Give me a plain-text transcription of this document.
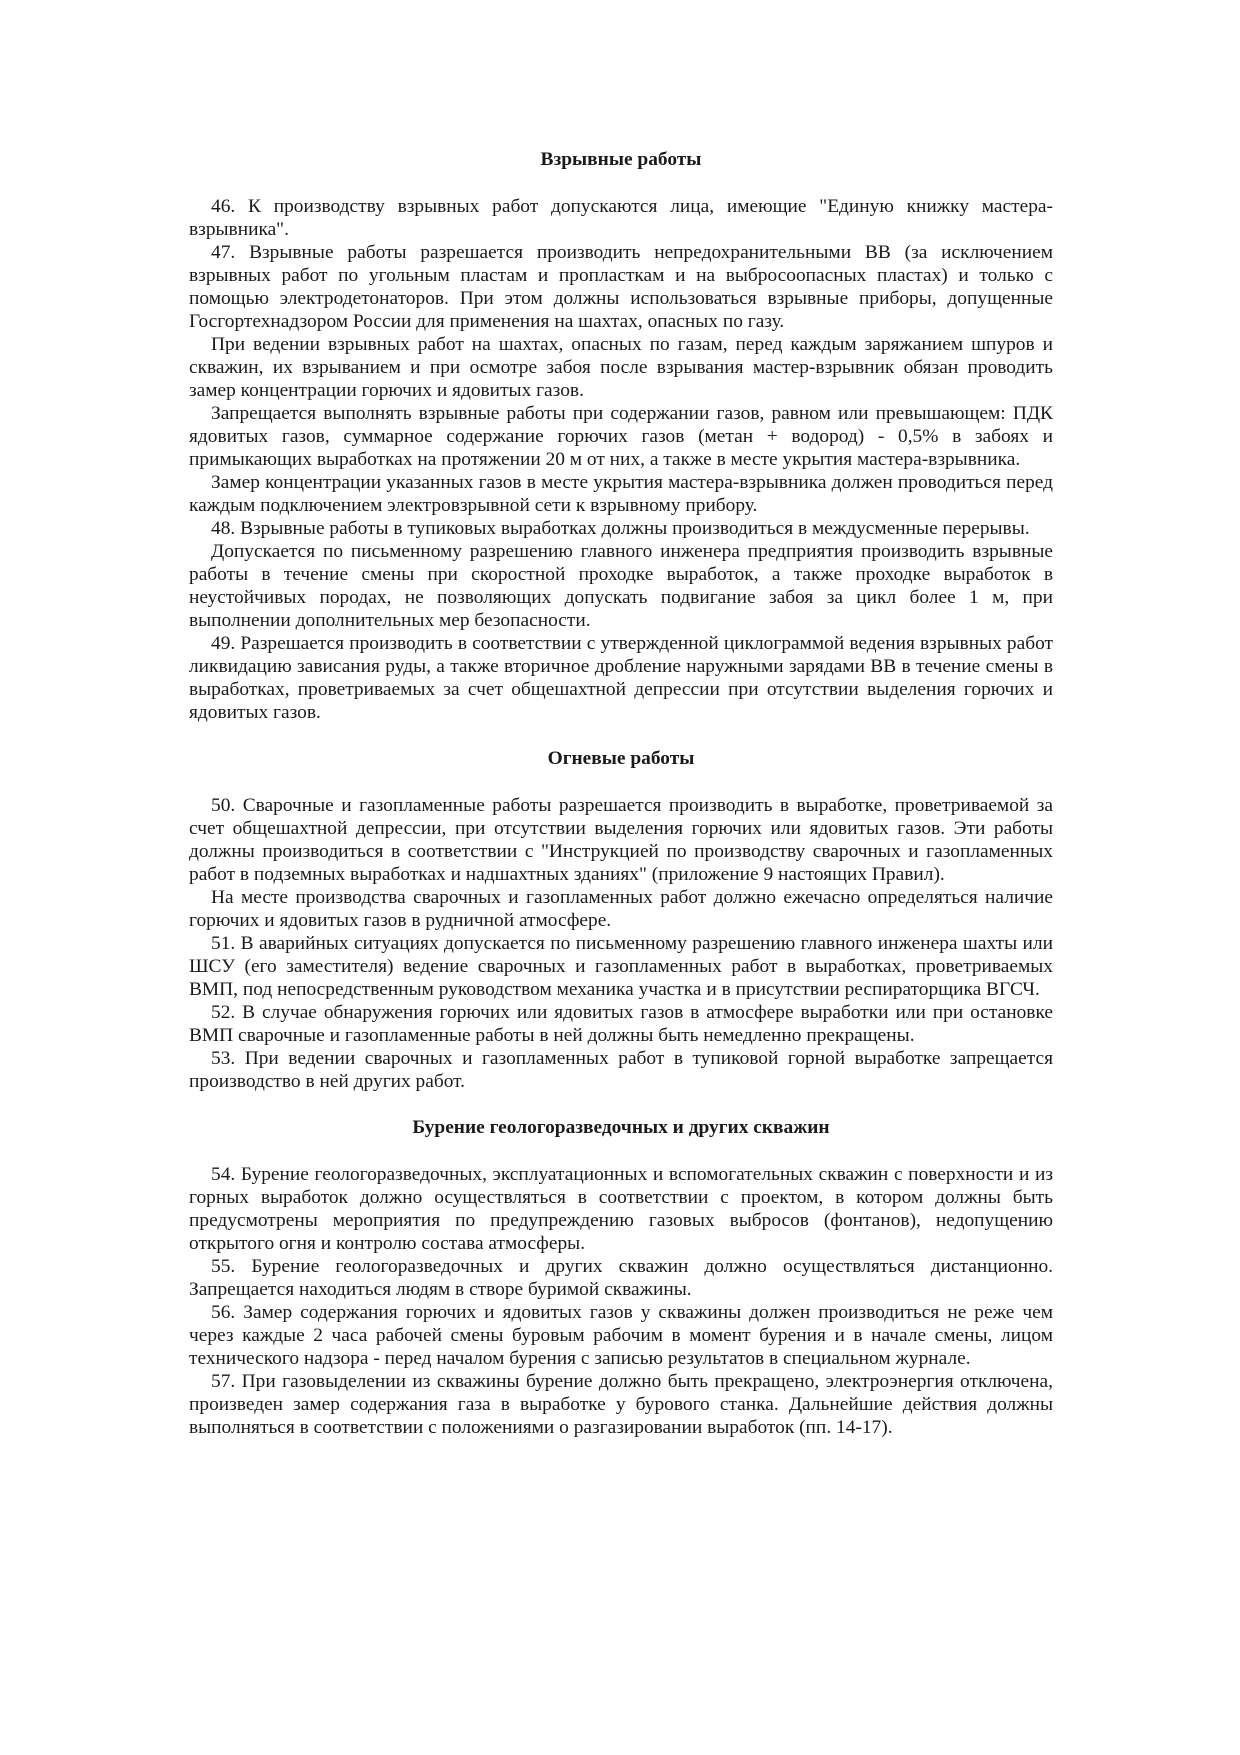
Взрывные работы

46. К производству взрывных работ допускаются лица, имеющие "Единую книжку мастера-взрывника".

47. Взрывные работы разрешается производить непредохранительными ВВ (за исключением взрывных работ по угольным пластам и пропласткам и на выбросоопасных пластах) и только с помощью электродетонаторов. При этом должны использоваться взрывные приборы, допущенные Госгортехнадзором России для применения на шахтах, опасных по газу.

При ведении взрывных работ на шахтах, опасных по газам, перед каждым заряжанием шпуров и скважин, их взрыванием и при осмотре забоя после взрывания мастер-взрывник обязан проводить замер концентрации горючих и ядовитых газов.

Запрещается выполнять взрывные работы при содержании газов, равном или превышающем: ПДК ядовитых газов, суммарное содержание горючих газов (метан + водород) - 0,5% в забоях и примыкающих выработках на протяжении 20 м от них, а также в месте укрытия мастера-взрывника.

Замер концентрации указанных газов в месте укрытия мастера-взрывника должен проводиться перед каждым подключением электровзрывной сети к взрывному прибору.

48. Взрывные работы в тупиковых выработках должны производиться в междусменные перерывы.

Допускается по письменному разрешению главного инженера предприятия производить взрывные работы в течение смены при скоростной проходке выработок, а также проходке выработок в неустойчивых породах, не позволяющих допускать подвигание забоя за цикл более 1 м, при выполнении дополнительных мер безопасности.

49. Разрешается производить в соответствии с утвержденной циклограммой ведения взрывных работ ликвидацию зависания руды, а также вторичное дробление наружными зарядами ВВ в течение смены в выработках, проветриваемых за счет общешахтной депрессии при отсутствии выделения горючих и ядовитых газов.

Огневые работы

50. Сварочные и газопламенные работы разрешается производить в выработке, проветриваемой за счет общешахтной депрессии, при отсутствии выделения горючих или ядовитых газов. Эти работы должны производиться в соответствии с "Инструкцией по производству сварочных и газопламенных работ в подземных выработках и надшахтных зданиях" (приложение 9 настоящих Правил).

На месте производства сварочных и газопламенных работ должно ежечасно определяться наличие горючих и ядовитых газов в рудничной атмосфере.

51. В аварийных ситуациях допускается по письменному разрешению главного инженера шахты или ШСУ (его заместителя) ведение сварочных и газопламенных работ в выработках, проветриваемых ВМП, под непосредственным руководством механика участка и в присутствии респираторщика ВГСЧ.

52. В случае обнаружения горючих или ядовитых газов в атмосфере выработки или при остановке ВМП сварочные и газопламенные работы в ней должны быть немедленно прекращены.

53. При ведении сварочных и газопламенных работ в тупиковой горной выработке запрещается производство в ней других работ.

Бурение геологоразведочных и других скважин

54. Бурение геологоразведочных, эксплуатационных и вспомогательных скважин с поверхности и из горных выработок должно осуществляться в соответствии с проектом, в котором должны быть предусмотрены мероприятия по предупреждению газовых выбросов (фонтанов), недопущению открытого огня и контролю состава атмосферы.

55. Бурение геологоразведочных и других скважин должно осуществляться дистанционно. Запрещается находиться людям в створе буримой скважины.

56. Замер содержания горючих и ядовитых газов у скважины должен производиться не реже чем через каждые 2 часа рабочей смены буровым рабочим в момент бурения и в начале смены, лицом технического надзора - перед началом бурения с записью результатов в специальном журнале.

57. При газовыделении из скважины бурение должно быть прекращено, электроэнергия отключена, произведен замер содержания газа в выработке у бурового станка. Дальнейшие действия должны выполняться в соответствии с положениями о разгазировании выработок (пп. 14-17).
